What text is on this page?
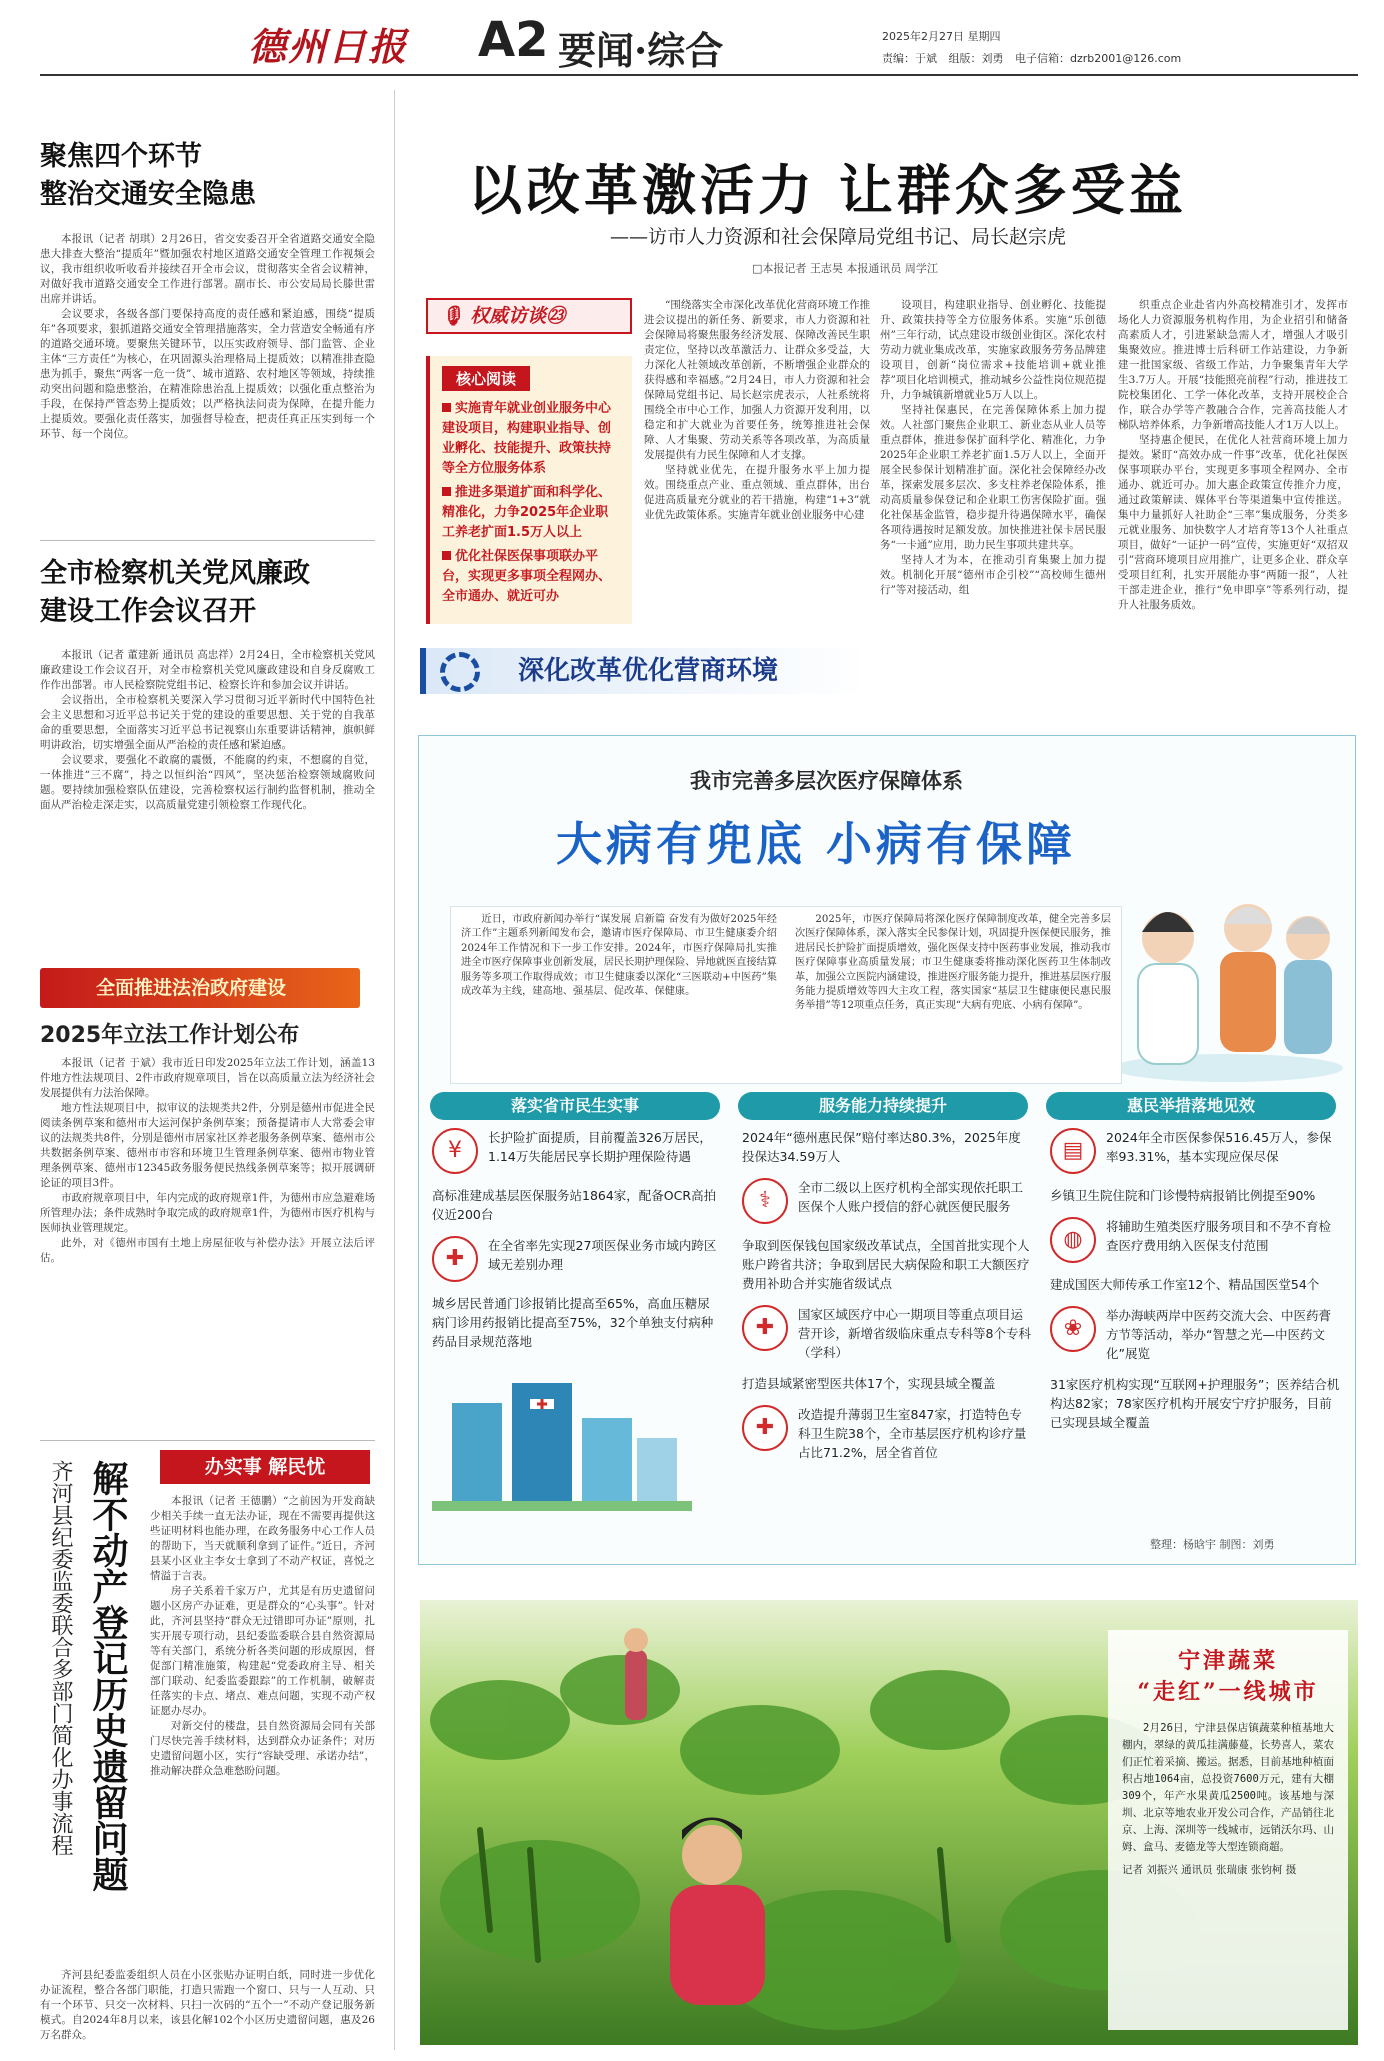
德州日报 A2 要闻·综合	2025年2月27日 星期四
责编：于斌 组版：刘勇 电子信箱：dzrb2001@126.com
聚焦四个环节
整治交通安全隐患

本报讯（记者 胡琪）2月26日，省交安委召开全省道路交通安全隐患大排查大整治“提质年”暨加强农村地区道路交通安全管理工作视频会议，我市组织收听收看并接续召开全市会议，贯彻落实全省会议精神，对做好我市道路交通安全工作进行部署。副市长、市公安局局长滕世雷出席并讲话。

会议要求，各级各部门要保持高度的责任感和紧迫感，围绕“提质年”各项要求，狠抓道路交通安全管理措施落实，全力营造安全畅通有序的道路交通环境。要聚焦关键环节，以压实政府领导、部门监管、企业主体“三方责任”为核心，在巩固源头治理格局上提质效；以精准排查隐患为抓手，聚焦“两客一危一货”、城市道路、农村地区等领域，持续推动突出问题和隐患整治，在精准除患治乱上提质效；以强化重点整治为手段，在保持严管态势上提质效；以严格执法问责为保障，在提升能力上提质效。要强化责任落实，加强督导检查，把责任真正压实到每一个环节、每一个岗位。

全市检察机关党风廉政
建设工作会议召开

本报讯（记者 董建新 通讯员 高忠祥）2月24日，全市检察机关党风廉政建设工作会议召开，对全市检察机关党风廉政建设和自身反腐败工作作出部署。市人民检察院党组书记、检察长许和参加会议并讲话。

会议指出，全市检察机关要深入学习贯彻习近平新时代中国特色社会主义思想和习近平总书记关于党的建设的重要思想、关于党的自我革命的重要思想，全面落实习近平总书记视察山东重要讲话精神，旗帜鲜明讲政治，切实增强全面从严治检的责任感和紧迫感。

会议要求，要强化不敢腐的震慑，不能腐的约束，不想腐的自觉，一体推进“三不腐”，持之以恒纠治“四风”，坚决惩治检察领域腐败问题。要持续加强检察队伍建设，完善检察权运行制约监督机制，推动全面从严治检走深走实，以高质量党建引领检察工作现代化。

全面推进法治政府建设
2025年立法工作计划公布

本报讯（记者 于斌）我市近日印发2025年立法工作计划，涵盖13件地方性法规项目、2件市政府规章项目，旨在以高质量立法为经济社会发展提供有力法治保障。

地方性法规项目中，拟审议的法规类共2件，分别是德州市促进全民阅读条例草案和德州市大运河保护条例草案；预备提请市人大常委会审议的法规类共8件，分别是德州市居家社区养老服务条例草案、德州市公共数据条例草案、德州市市容和环境卫生管理条例草案、德州市物业管理条例草案、德州市12345政务服务便民热线条例草案等；拟开展调研论证的项目3件。

市政府规章项目中，年内完成的政府规章1件，为德州市应急避难场所管理办法；条件成熟时争取完成的政府规章1件，为德州市医疗机构与医师执业管理规定。

此外，对《德州市国有土地上房屋征收与补偿办法》开展立法后评估。

解不动产登记历史遗留问题
齐河县纪委监委联合多部门简化办事流程	办实事 解民忧

本报讯（记者 王德鹏）“之前因为开发商缺少相关手续一直无法办证，现在不需要再提供这些证明材料也能办理，在政务服务中心工作人员的帮助下，当天就顺利拿到了证件。”近日，齐河县某小区业主李女士拿到了不动产权证，喜悦之情溢于言表。

房子关系着千家万户，尤其是有历史遗留问题小区房产办证难，更是群众的“心头事”。针对此，齐河县坚持“群众无过错即可办证”原则，扎实开展专项行动，县纪委监委联合县自然资源局等有关部门，系统分析各类问题的形成原因，督促部门精准施策，构建起“党委政府主导、相关部门联动、纪委监委跟踪”的工作机制，破解责任落实的卡点、堵点、难点问题，实现不动产权证愿办尽办。

对新交付的楼盘，县自然资源局会同有关部门尽快完善手续材料，达到群众办证条件；对历史遗留问题小区，实行“容缺受理、承诺办结”，推动解决群众急难愁盼问题。

齐河县纪委监委组织人员在小区张贴办证明白纸，同时进一步优化办证流程，整合各部门职能，打造只需跑一个窗口、只与一人互动、只有一个环节、只交一次材料、只扫一次码的“五个一”不动产登记服务新模式。自2024年8月以来，该县化解102个小区历史遗留问题，惠及26万名群众。

以改革激活力 让群众多受益
——访市人力资源和社会保障局党组书记、局长赵宗虎
□本报记者 王志昊 本报通讯员 周学江
🎙 权威访谈㉓
核心阅读
实施青年就业创业服务中心建设项目，构建职业指导、创业孵化、技能提升、政策扶持等全方位服务体系
推进多渠道扩面和科学化、精准化，力争2025年企业职工养老扩面1.5万人以上
优化社保医保事项联办平台，实现更多事项全程网办、全市通办、就近可办

“围绕落实全市深化改革优化营商环境工作推进会议提出的新任务、新要求，市人力资源和社会保障局将聚焦服务经济发展、保障改善民生职责定位，坚持以改革激活力、让群众多受益，大力深化人社领域改革创新，不断增强企业群众的获得感和幸福感。”2月24日，市人力资源和社会保障局党组书记、局长赵宗虎表示，人社系统将围绕全市中心工作，加强人力资源开发利用，以稳定和扩大就业为首要任务，统筹推进社会保障、人才集聚、劳动关系等各项改革，为高质量发展提供有力民生保障和人才支撑。

坚持就业优先，在提升服务水平上加力提效。围绕重点产业、重点领域、重点群体，出台促进高质量充分就业的若干措施，构建“1+3”就业优先政策体系。实施青年就业创业服务中心建

设项目，构建职业指导、创业孵化、技能提升、政策扶持等全方位服务体系。实施“乐创德州”三年行动，试点建设市级创业街区。深化农村劳动力就业集成改革，实施家政服务劳务品牌建设项目，创新“岗位需求+技能培训+就业推荐”项目化培训模式，推动城乡公益性岗位规范提升，力争城镇新增就业5万人以上。

坚持社保惠民，在完善保障体系上加力提效。人社部门聚焦企业职工、新业态从业人员等重点群体，推进参保扩面科学化、精准化，力争2025年企业职工养老扩面1.5万人以上，全面开展全民参保计划精准扩面。深化社会保障经办改革，探索发展多层次、多支柱养老保险体系，推动高质量参保登记和企业职工伤害保险扩面。强化社保基金监管，稳步提升待遇保障水平，确保各项待遇按时足额发放。加快推进社保卡居民服务“一卡通”应用，助力民生事项共建共享。

坚持人才为本，在推动引育集聚上加力提效。机制化开展“德州市企引校”“高校师生德州行”等对接活动，组

织重点企业赴省内外高校精准引才，发挥市场化人力资源服务机构作用，为企业招引和储备高素质人才，引进紧缺急需人才，增强人才吸引集聚效应。推进博士后科研工作站建设，力争新建一批国家级、省级工作站，力争聚集青年大学生3.7万人。开展“技能照亮前程”行动，推进技工院校集团化、工学一体化改革，支持开展校企合作，联合办学等产教融合合作，完善高技能人才梯队培养体系，力争新增高技能人才1万人以上。

坚持惠企便民，在优化人社营商环境上加力提效。紧盯“高效办成一件事”改革，优化社保医保事项联办平台，实现更多事项全程网办、全市通办、就近可办。加大惠企政策宣传推介力度，通过政策解读、媒体平台等渠道集中宣传推送。集中力量抓好人社助企“三率”集成服务，分类多元就业服务、加快数字人才培育等13个人社重点项目，做好“一证护一码”宣传，实施更好“双招双引”营商环境项目应用推广，让更多企业、群众享受项目红利，扎实开展能办事“两随一报”，人社干部走进企业，推行“免申即享”等系列行动，提升人社服务质效。

深化改革优化营商环境
我市完善多层次医疗保障体系
大病有兜底 小病有保障

近日，市政府新闻办举行“谋发展 启新篇 奋发有为做好2025年经济工作”主题系列新闻发布会，邀请市医疗保障局、市卫生健康委介绍2024年工作情况和下一步工作安排。2024年，市医疗保障局扎实推进全市医疗保障事业创新发展，居民长期护理保险、异地就医直接结算服务等多项工作取得成效；市卫生健康委以深化“三医联动+中医药”集成改革为主线，建高地、强基层、促改革、保健康。

2025年，市医疗保障局将深化医疗保障制度改革，健全完善多层次医疗保障体系，深入落实全民参保计划，巩固提升医保便民服务，推进居民长护险扩面提质增效，强化医保支持中医药事业发展，推动我市医疗保障事业高质量发展；市卫生健康委将推动深化医药卫生体制改革，加强公立医院内涵建设，推进医疗服务能力提升，推进基层医疗服务能力提质增效等四大主攻工程，落实国家“基层卫生健康便民惠民服务举措”等12项重点任务，真正实现“大病有兜底、小病有保障”。

落实省市民生实事	服务能力持续提升	惠民举措落地见效
¥
长护险扩面提质，目前覆盖326万居民，1.14万失能居民享长期护理保险待遇
高标准建成基层医保服务站1864家，配备OCR高拍仪近200台
✚
在全省率先实现27项医保业务市域内跨区域无差别办理
城乡居民普通门诊报销比提高至65%，高血压糖尿病门诊用药报销比提高至75%，32个单独支付病种药品目录规范落地
2024年“德州惠民保”赔付率达80.3%，2025年度投保达34.59万人
⚕
全市二级以上医疗机构全部实现依托职工医保个人账户授信的舒心就医便民服务
争取到医保钱包国家级改革试点，全国首批实现个人账户跨省共济；争取到居民大病保险和职工大额医疗费用补助合并实施省级试点
✚
国家区域医疗中心一期项目等重点项目运营开诊，新增省级临床重点专科等8个专科（学科）
打造县域紧密型医共体17个，实现县域全覆盖
✚
改造提升薄弱卫生室847家，打造特色专科卫生院38个，全市基层医疗机构诊疗量占比71.2%，居全省首位
▤
2024年全市医保参保516.45万人，参保率93.31%，基本实现应保尽保
乡镇卫生院住院和门诊慢特病报销比例提至90%
◍
将辅助生殖类医疗服务项目和不孕不育检查医疗费用纳入医保支付范围
建成国医大师传承工作室12个、精品国医堂54个
❀
举办海峡两岸中医药交流大会、中医药膏方节等活动，举办“智慧之光—中医药文化”展览
31家医疗机构实现“互联网+护理服务”；医养结合机构达82家；78家医疗机构开展安宁疗护服务，目前已实现县域全覆盖
整理：杨晗宇 制图：刘勇
宁津蔬菜
“走红”一线城市
2月26日，宁津县保店镇蔬菜种植基地大棚内，翠绿的黄瓜挂满藤蔓，长势喜人，菜农们正忙着采摘、搬运。据悉，目前基地种植面积占地1064亩，总投资7600万元，建有大棚309个，年产水果黄瓜2500吨。该基地与深圳、北京等地农业开发公司合作，产品销往北京、上海、深圳等一线城市，远销沃尔玛、山姆、盒马、麦德龙等大型连锁商超。
记者 刘振兴 通讯员 张瑞康 张钧柯 摄
